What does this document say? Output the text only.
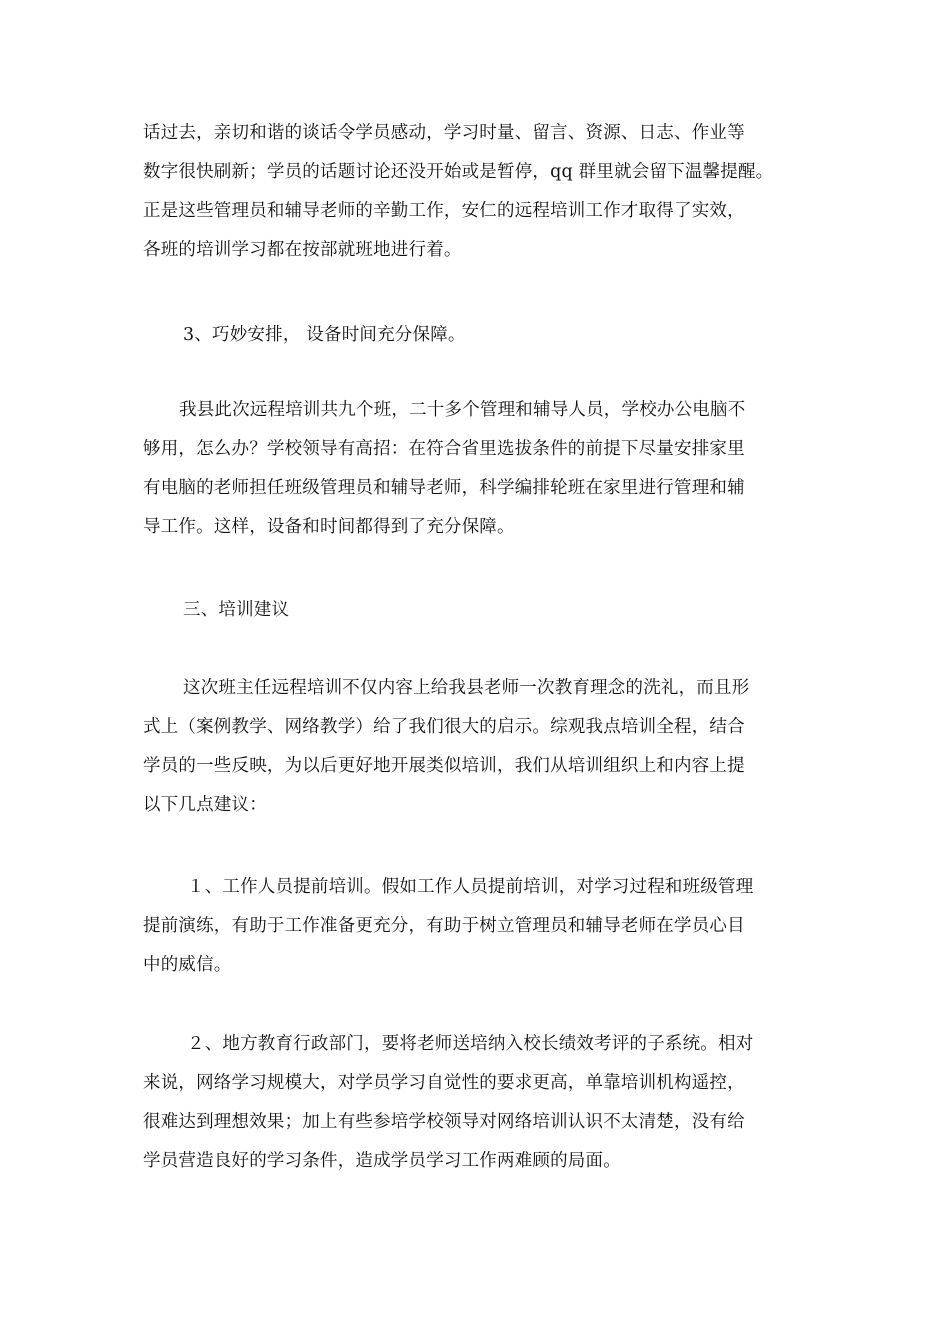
话过去，亲切和谐的谈话令学员感动，学习时量、留言、资源、日志、作业等
数字很快刷新；学员的话题讨论还没开始或是暂停，qq 群里就会留下温馨提醒。
正是这些管理员和辅导老师的辛勤工作，安仁的远程培训工作才取得了实效，
各班的培训学习都在按部就班地进行着。
3、巧妙安排， 设备时间充分保障。
我县此次远程培训共九个班，二十多个管理和辅导人员，学校办公电脑不
够用，怎么办？学校领导有高招：在符合省里选拔条件的前提下尽量安排家里
有电脑的老师担任班级管理员和辅导老师，科学编排轮班在家里进行管理和辅
导工作。这样，设备和时间都得到了充分保障。
三、培训建议
这次班主任远程培训不仅内容上给我县老师一次教育理念的洗礼，而且形
式上（案例教学、网络教学）给了我们很大的启示。综观我点培训全程，结合
学员的一些反映，为以后更好地开展类似培训，我们从培训组织上和内容上提
以下几点建议：
１、工作人员提前培训。假如工作人员提前培训，对学习过程和班级管理
提前演练，有助于工作准备更充分，有助于树立管理员和辅导老师在学员心目
中的威信。
２、地方教育行政部门，要将老师送培纳入校长绩效考评的子系统。相对
来说，网络学习规模大，对学员学习自觉性的要求更高，单靠培训机构遥控，
很难达到理想效果；加上有些参培学校领导对网络培训认识不太清楚，没有给
学员营造良好的学习条件，造成学员学习工作两难顾的局面。
